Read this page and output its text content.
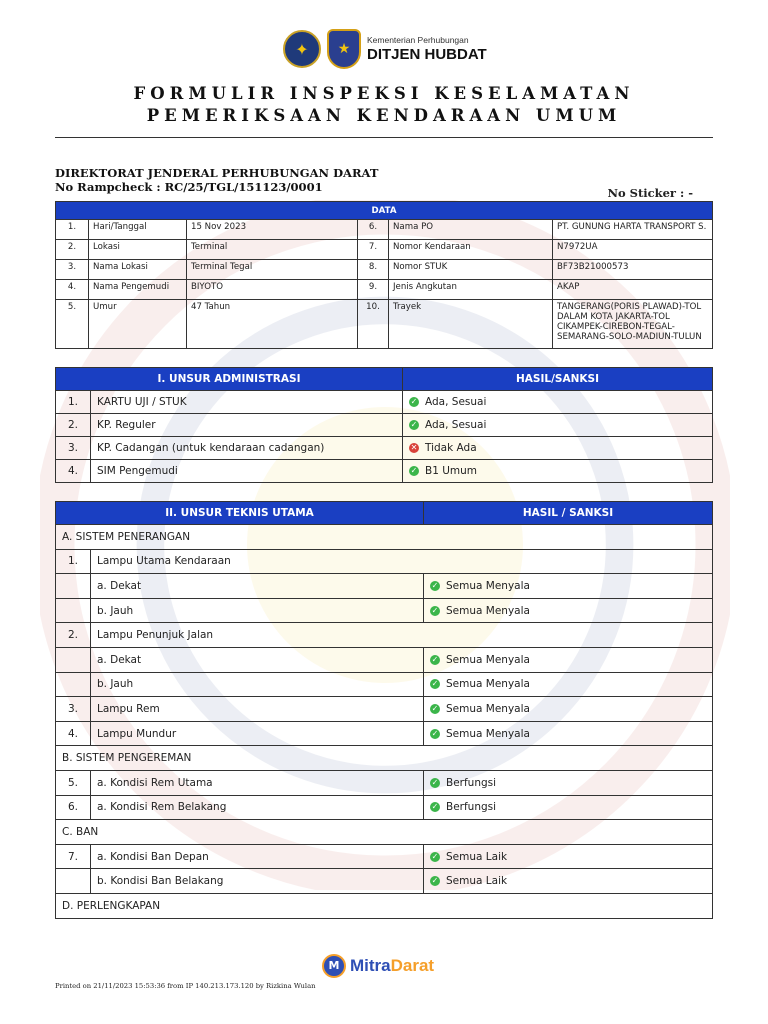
✦	★
Kementerian Perhubungan
DITJEN HUBDAT
FORMULIR INSPEKSI KESELAMATAN
PEMERIKSAAN KENDARAAN UMUM
DIREKTORAT JENDERAL PERHUBUNGAN DARAT
No Rampcheck : RC/25/TGL/151123/0001	No Sticker : -
DATA					
1.	Hari/Tanggal	15 Nov 2023	6.	Nama PO	PT. GUNUNG HARTA TRANSPORT S.
2.	Lokasi	Terminal	7.	Nomor Kendaraan	N7972UA
3.	Nama Lokasi	Terminal Tegal	8.	Nomor STUK	BF73B21000573
4.	Nama Pengemudi	BIYOTO	9.	Jenis Angkutan	AKAP
5.	Umur	47 Tahun	10.	Trayek	TANGERANG(PORIS PLAWAD)-TOL DALAM KOTA JAKARTA-TOL CIKAMPEK-CIREBON-TEGAL-SEMARANG-SOLO-MADIUN-TULUN
I. UNSUR ADMINISTRASI		HASIL/SANKSI
1.	KARTU UJI / STUK	✓ Ada, Sesuai
2.	KP. Reguler	✓ Ada, Sesuai
3.	KP. Cadangan (untuk kendaraan cadangan)	✕ Tidak Ada
4.	SIM Pengemudi	✓ B1 Umum
II. UNSUR TEKNIS UTAMA		HASIL / SANKSI
A. SISTEM PENERANGAN		
1.	Lampu Utama Kendaraan	
	a. Dekat	✓ Semua Menyala
	b. Jauh	✓ Semua Menyala
2.	Lampu Penunjuk Jalan	
	a. Dekat	✓ Semua Menyala
	b. Jauh	✓ Semua Menyala
3.	Lampu Rem	✓ Semua Menyala
4.	Lampu Mundur	✓ Semua Menyala
B. SISTEM PENGEREMAN		
5.	a. Kondisi Rem Utama	✓ Berfungsi
6.	a. Kondisi Rem Belakang	✓ Berfungsi
C. BAN		
7.	a. Kondisi Ban Depan	✓ Semua Laik
	b. Kondisi Ban Belakang	✓ Semua Laik
D. PERLENGKAPAN		
M MitraDarat
Printed on 21/11/2023 15:53:36 from IP 140.213.173.120 by Rizkina Wulan
